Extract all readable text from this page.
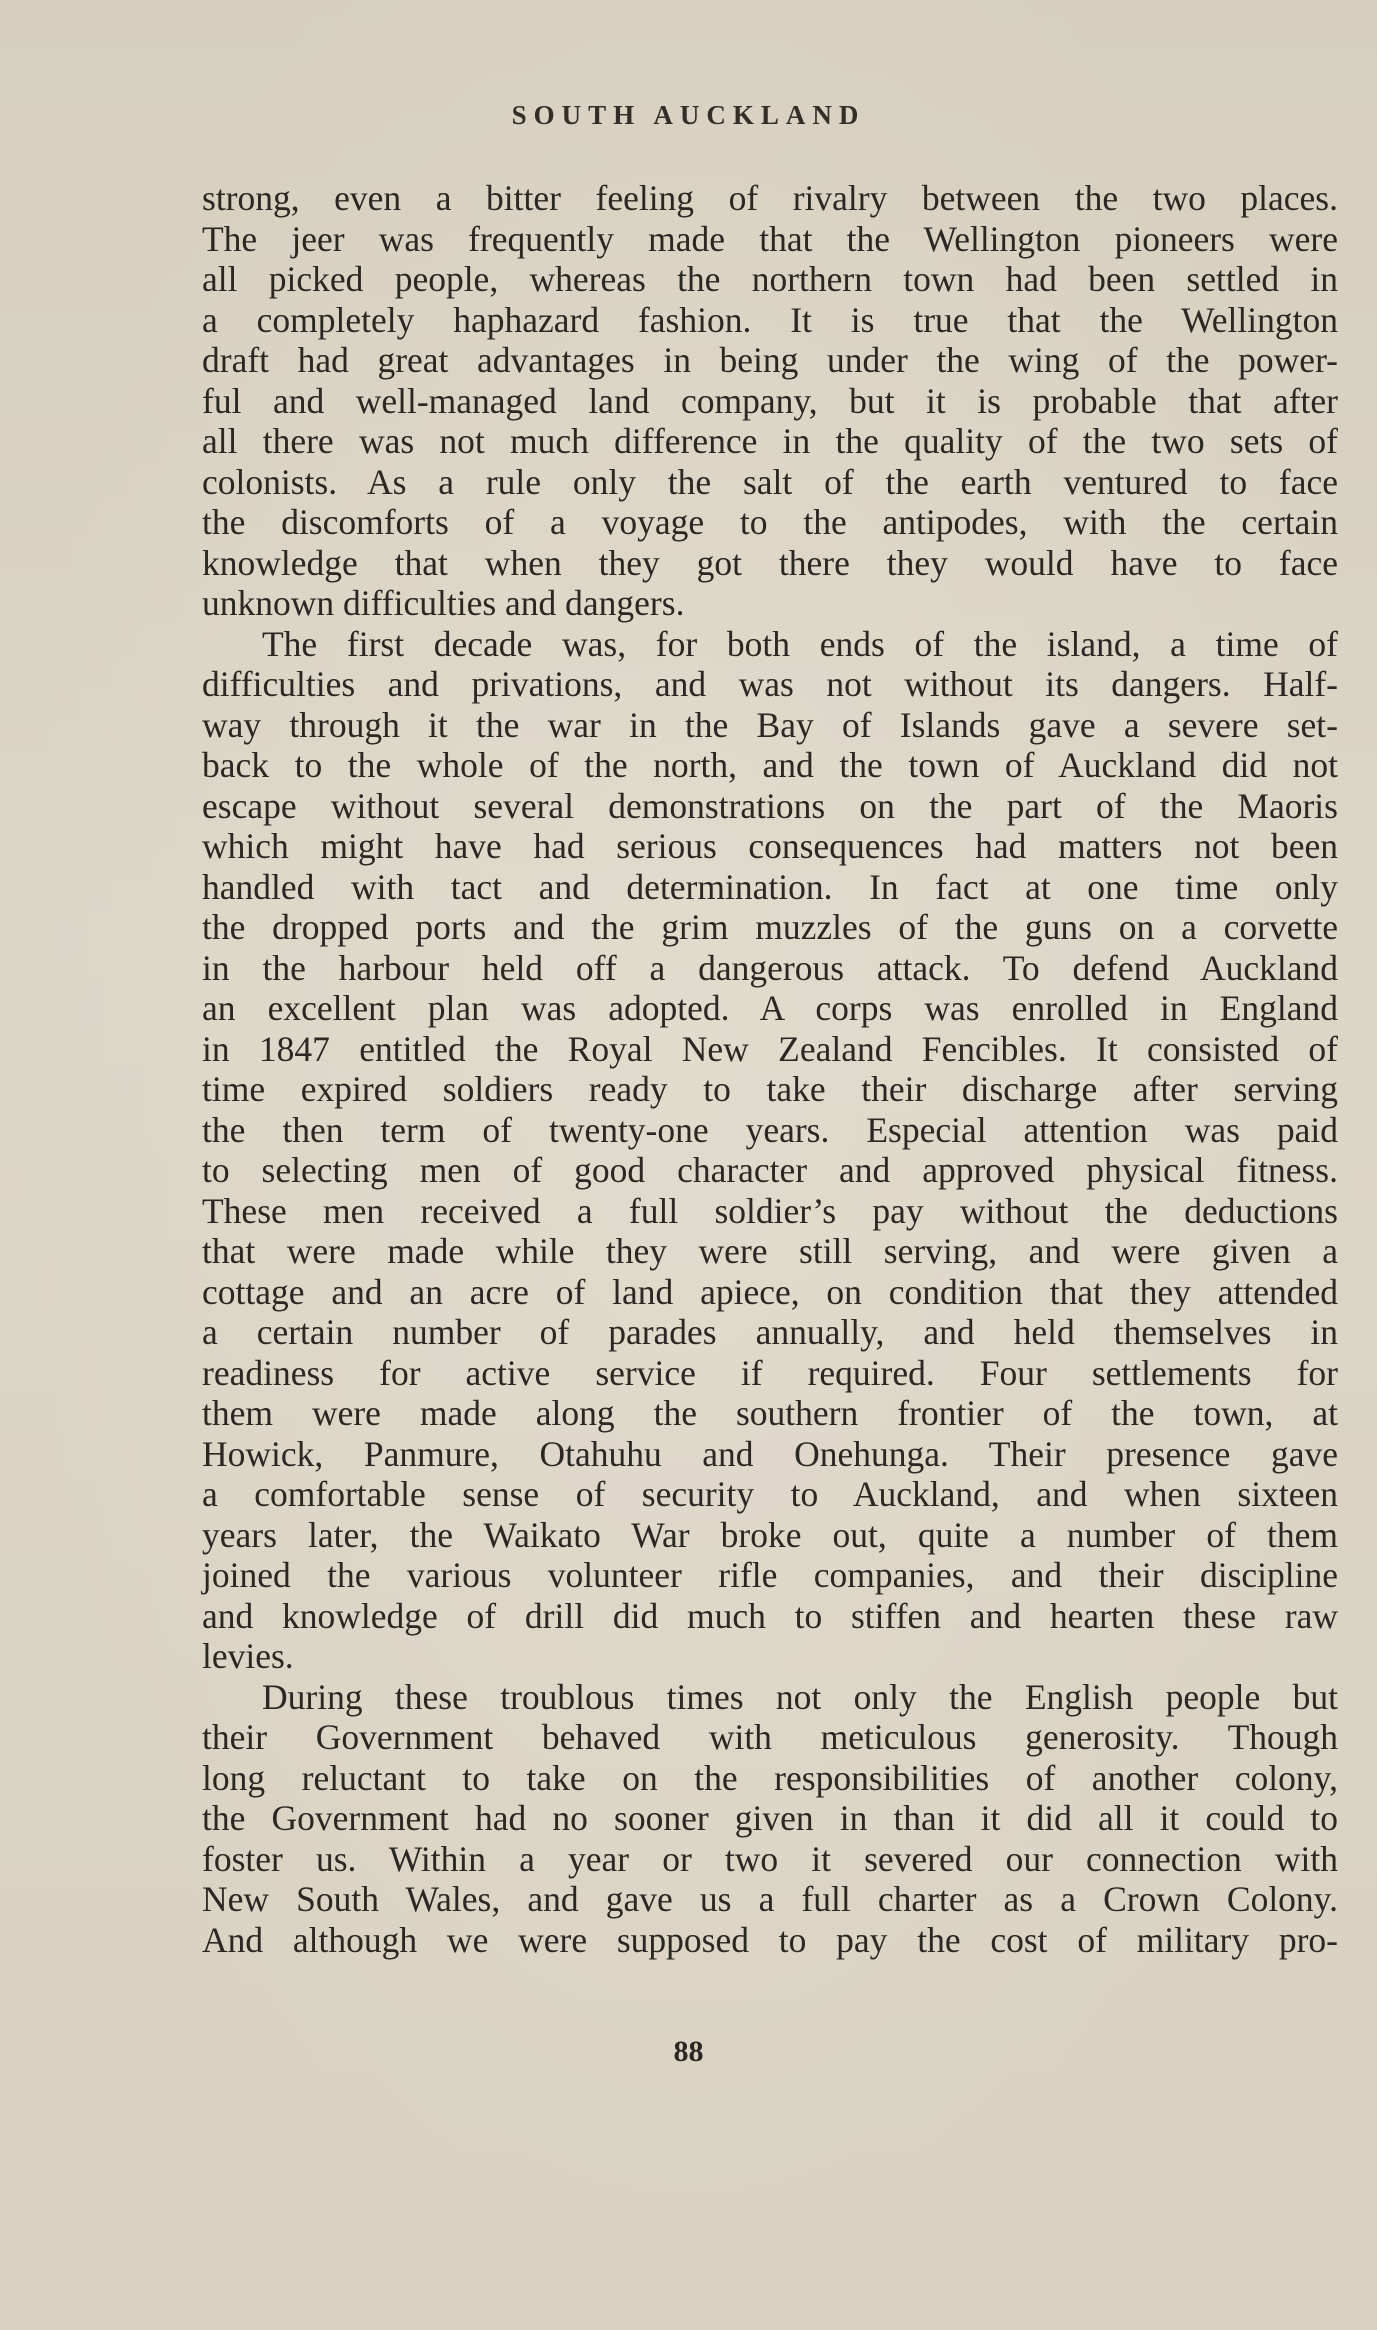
SOUTH AUCKLAND
strong, even a bitter feeling of rivalry between the two places.
The jeer was frequently made that the Wellington pioneers were
all picked people, whereas the northern town had been settled in
a completely haphazard fashion. It is true that the Wellington
draft had great advantages in being under the wing of the power-
ful and well-managed land company, but it is probable that after
all there was not much difference in the quality of the two sets of
colonists. As a rule only the salt of the earth ventured to face
the discomforts of a voyage to the antipodes, with the certain
knowledge that when they got there they would have to face
unknown difficulties and dangers.
The first decade was, for both ends of the island, a time of
difficulties and privations, and was not without its dangers. Half-
way through it the war in the Bay of Islands gave a severe set-
back to the whole of the north, and the town of Auckland did not
escape without several demonstrations on the part of the Maoris
which might have had serious consequences had matters not been
handled with tact and determination. In fact at one time only
the dropped ports and the grim muzzles of the guns on a corvette
in the harbour held off a dangerous attack. To defend Auckland
an excellent plan was adopted. A corps was enrolled in England
in 1847 entitled the Royal New Zealand Fencibles. It consisted of
time expired soldiers ready to take their discharge after serving
the then term of twenty-one years. Especial attention was paid
to selecting men of good character and approved physical fitness.
These men received a full soldier’s pay without the deductions
that were made while they were still serving, and were given a
cottage and an acre of land apiece, on condition that they attended
a certain number of parades annually, and held themselves in
readiness for active service if required. Four settlements for
them were made along the southern frontier of the town, at
Howick, Panmure, Otahuhu and Onehunga. Their presence gave
a comfortable sense of security to Auckland, and when sixteen
years later, the Waikato War broke out, quite a number of them
joined the various volunteer rifle companies, and their discipline
and knowledge of drill did much to stiffen and hearten these raw
levies.
During these troublous times not only the English people but
their Government behaved with meticulous generosity. Though
long reluctant to take on the responsibilities of another colony,
the Government had no sooner given in than it did all it could to
foster us. Within a year or two it severed our connection with
New South Wales, and gave us a full charter as a Crown Colony.
And although we were supposed to pay the cost of military pro-
88
